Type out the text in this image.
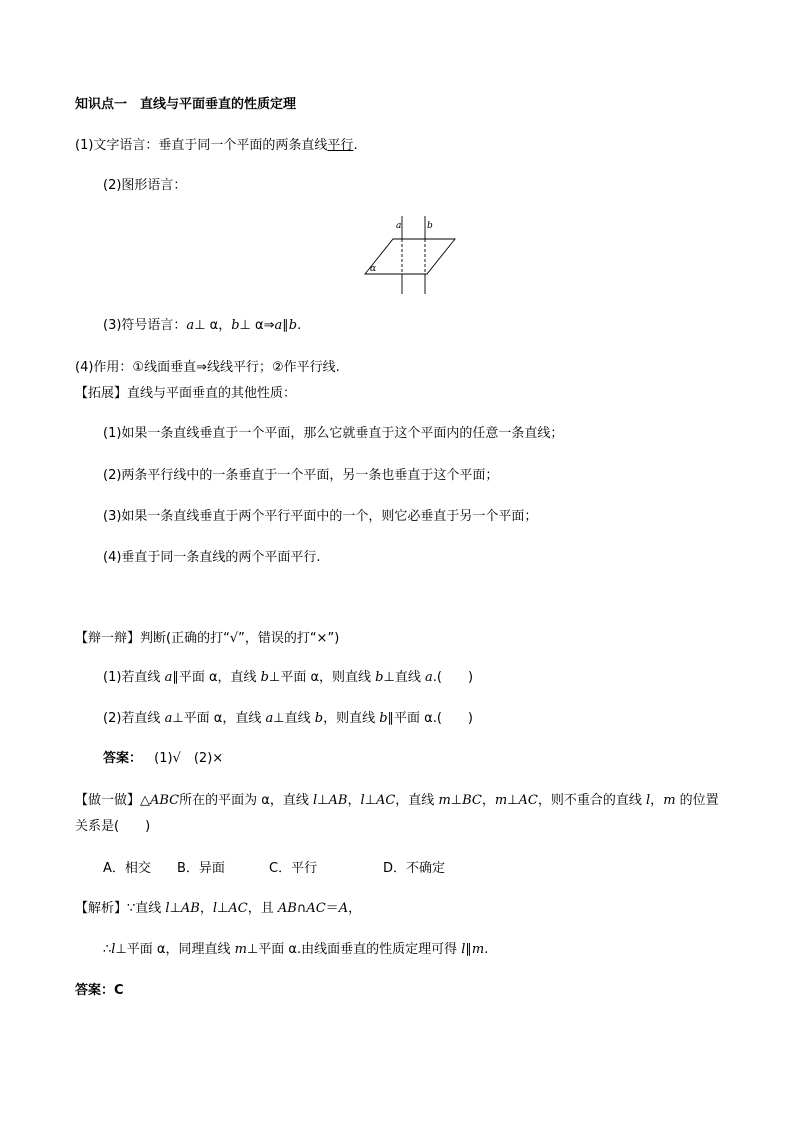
知识点一　直线与平面垂直的性质定理
(1)文字语言：垂直于同一个平面的两条直线平行.
(2)图形语言：
a	b
α
(3)符号语言：a⊥ α，b⊥ α⇒a∥b.
(4)作用：①线面垂直⇒线线平行；②作平行线.
【拓展】直线与平面垂直的其他性质：
(1)如果一条直线垂直于一个平面，那么它就垂直于这个平面内的任意一条直线；
(2)两条平行线中的一条垂直于一个平面，另一条也垂直于这个平面；
(3)如果一条直线垂直于两个平行平面中的一个，则它必垂直于另一个平面；
(4)垂直于同一条直线的两个平面平行.
【辩一辩】判断(正确的打“√”，错误的打“×”)
(1)若直线 a∥平面 α，直线 b⊥平面 α，则直线 b⊥直线 a.(　　)
(2)若直线 a⊥平面 α，直线 a⊥直线 b，则直线 b∥平面 α.(　　)
答案： (1)√　(2)×
【做一做】△ABC所在的平面为 α，直线 l⊥AB，l⊥AC，直线 m⊥BC，m⊥AC，则不重合的直线 l，m 的位置
关系是(　　)
A．相交 B．异面	C．平行	D．不确定
【解析】∵直线 l⊥AB，l⊥AC，且 AB∩AC＝A，
∴l⊥平面 α，同理直线 m⊥平面 α.由线面垂直的性质定理可得 l∥m.
答案：C
